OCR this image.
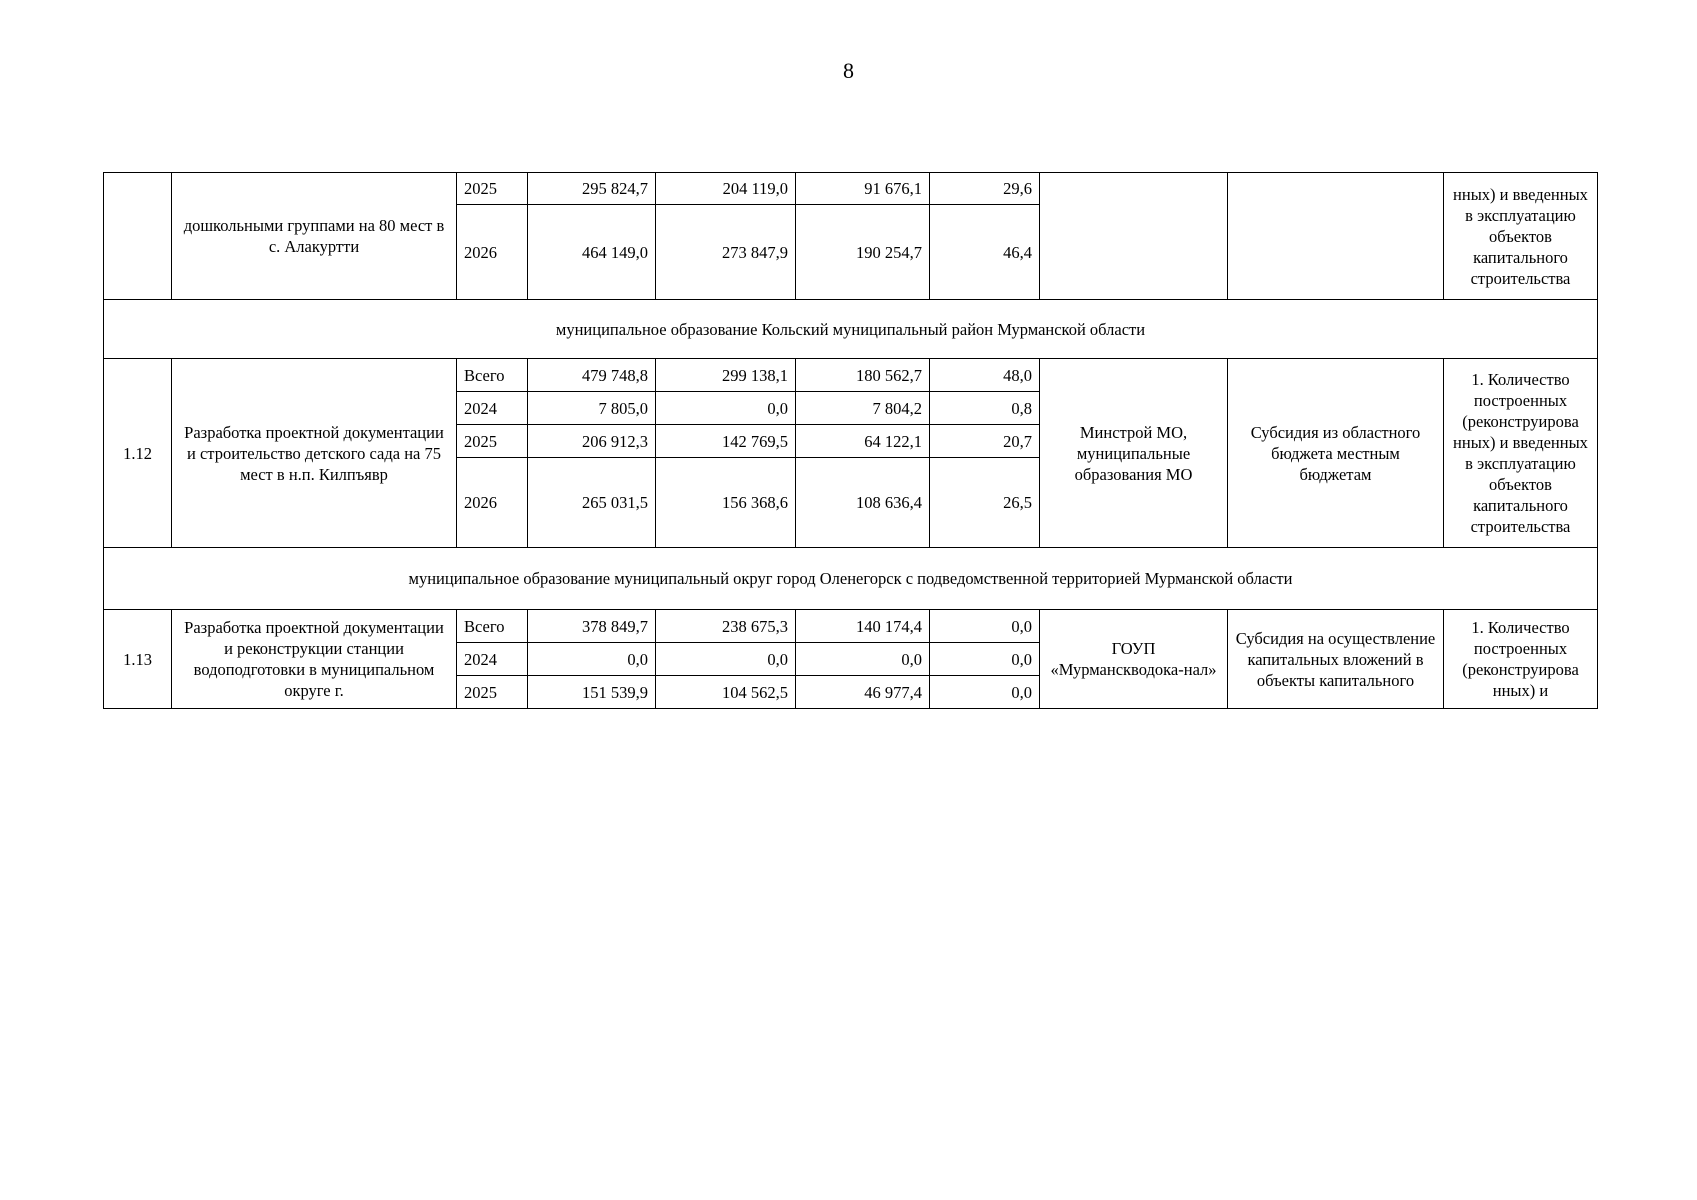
8
	дошкольными группами на 80 мест в с. Алакуртти	2025	295 824,7	204 119,0	91 676,1	29,6			нных) и введенных в эксплуатацию объектов капитального строительства
		2026	464 149,0	273 847,9	190 254,7	46,4			
муниципальное образование Кольский муниципальный район Мурманской области									
1.12	Разработка проектной документации и строительство детского сада на 75 мест в н.п. Килпъявр	Всего	479 748,8	299 138,1	180 562,7	48,0	Минстрой МО, муниципальные образования МО	Субсидия из областного бюджета местным бюджетам	1. Количество построенных (реконструирова нных) и введенных в эксплуатацию объектов капитального строительства
		2024	7 805,0	0,0	7 804,2	0,8			
		2025	206 912,3	142 769,5	64 122,1	20,7			
		2026	265 031,5	156 368,6	108 636,4	26,5			
муниципальное образование муниципальный округ город Оленегорск с подведомственной территорией Мурманской области									
1.13	Разработка проектной документации и реконструкции станции водоподготовки в муниципальном округе г.	Всего	378 849,7	238 675,3	140 174,4	0,0	ГОУП «Мурманскводока-нал»	Субсидия на осуществление капитальных вложений в объекты капитального	1. Количество построенных (реконструирова нных) и
		2024	0,0	0,0	0,0	0,0			
		2025	151 539,9	104 562,5	46 977,4	0,0			
